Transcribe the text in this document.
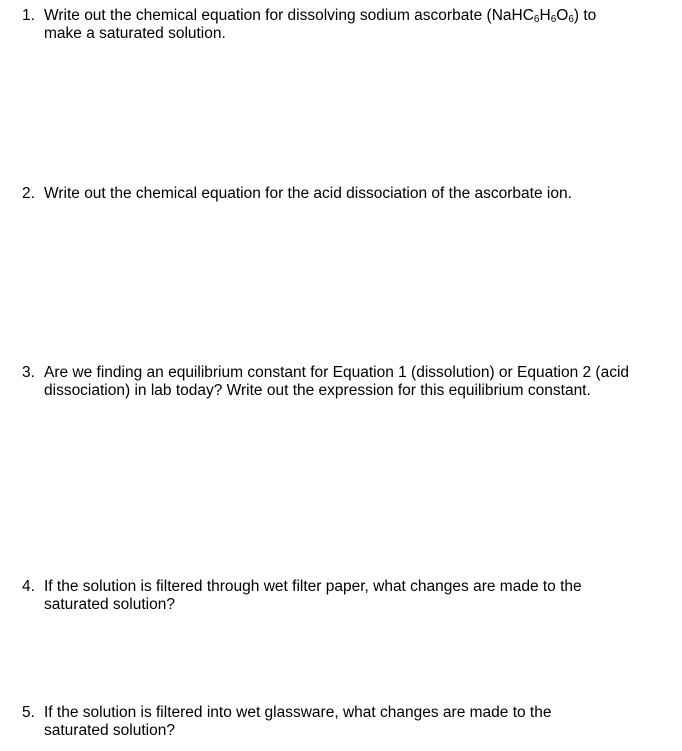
1. Write out the chemical equation for dissolving sodium ascorbate $(NaHC_6H_6O_6)$ to
make a saturated solution.
2. Write out the chemical equation for the acid dissociation of the ascorbate ion.
3. Are we finding an equilibrium constant for Equation 1 (dissolution) or Equation 2 (acid
dissociation) in lab today? Write out the expression for this equilibrium constant.
4. If the solution is filtered through wet filter paper, what changes are made to the
saturated solution?
5. If the solution is filtered into wet glassware, what changes are made to the
saturated solution?
